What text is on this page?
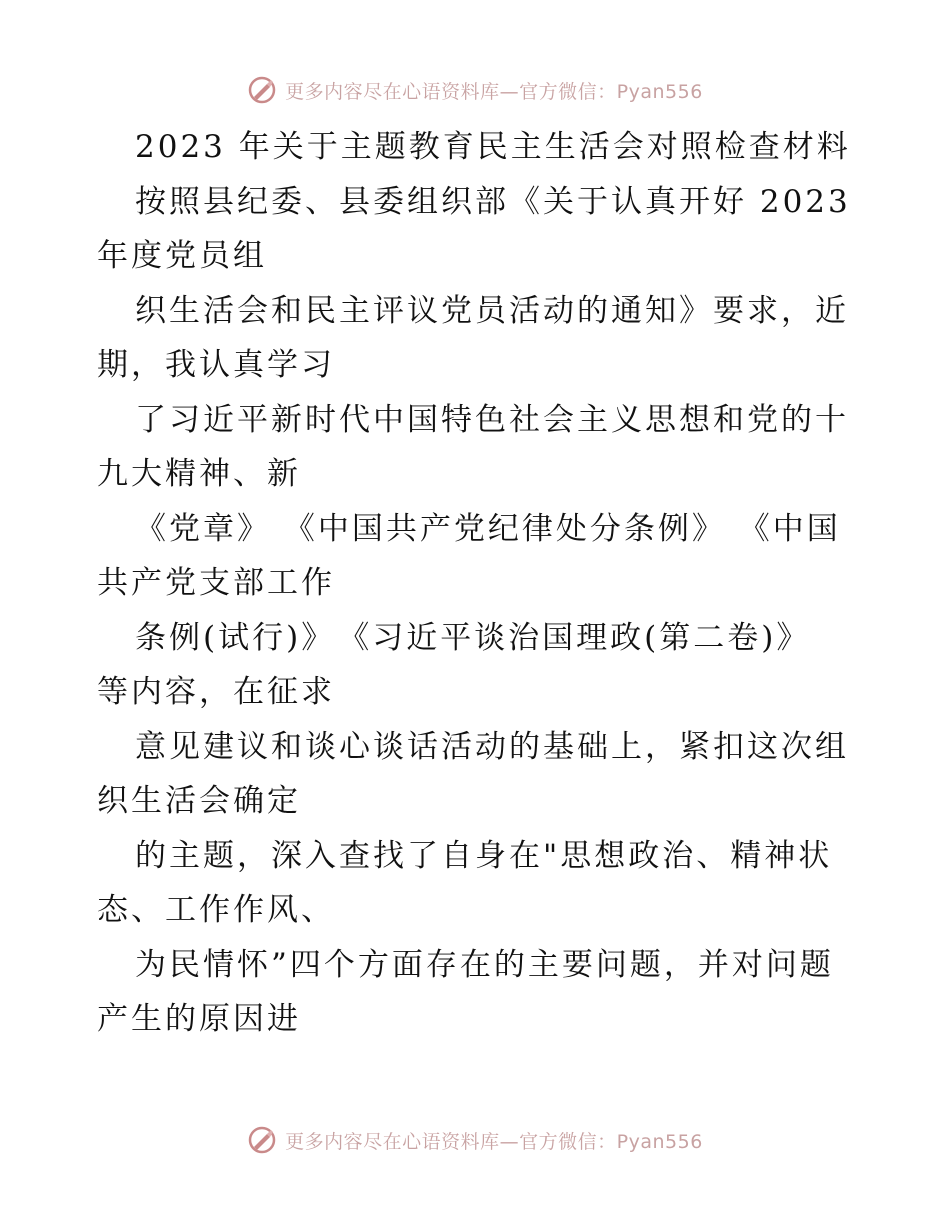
更多内容尽在心语资料库—官方微信：Pyan556
2023 年关于主题教育民主生活会对照检查材料
按照县纪委、县委组织部《关于认真开好 2023
年度党员组
织生活会和民主评议党员活动的通知》要求，近
期，我认真学习
了习近平新时代中国特色社会主义思想和党的十
九大精神、新
《党章》 《中国共产党纪律处分条例》 《中国
共产党支部工作
条例(试行)》　《习近平谈治国理政(第二卷)》
等内容，在征求
意见建议和谈心谈话活动的基础上，紧扣这次组
织生活会确定
的主题，深入查找了自身在"思想政治、精神状
态、工作作风、
为民情怀”四个方面存在的主要问题，并对问题
产生的原因进
更多内容尽在心语资料库—官方微信：Pyan556
